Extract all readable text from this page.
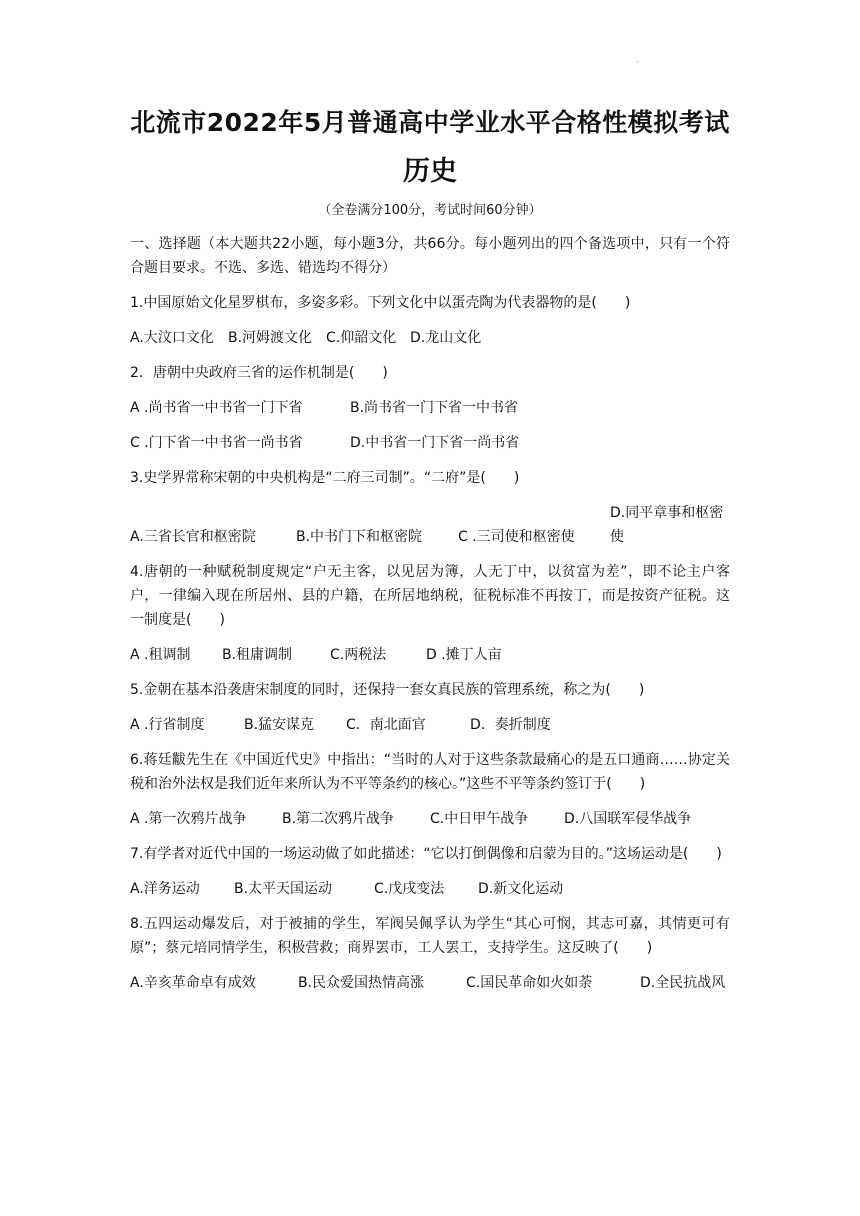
·
北流市2022年5月普通高中学业水平合格性模拟考试
历史
（全卷满分100分，考试时间60分钟）

一、选择题（本大题共22小题，每小题3分，共66分。每小题列出的四个备选项中，只有一个符合题目要求。不选、多选、错选均不得分）

1.中国原始文化星罗棋布，多姿多彩。下列文化中以蛋壳陶为代表器物的是(　　)

A.大汶口文化	B.河姆渡文化 C.仰韶文化 D.龙山文化

2．唐朝中央政府三省的运作机制是(　　)

A .尚书省一中书省一门下省	B.尚书省一门下省一中书省
C .门下省一中书省一尚书省	D.中书省一门下省一尚书省

3.史学界常称宋朝的中央机构是“二府三司制”。“二府”是(　　)

A.三省长官和枢密院	B.中书门下和枢密院	C .三司使和枢密使D.同平章事和枢密使

4.唐朝的一种赋税制度规定“户无主客，以见居为簿，人无丁中，以贫富为差”，即不论主户客户，一律编入现在所居州、县的户籍，在所居地纳税，征税标准不再按丁，而是按资产征税。这一制度是(　　)

A .租调制	B.租庸调制	C.两税法	D .摊丁人亩

5.金朝在基本沿袭唐宋制度的同时，还保持一套女真民族的管理系统，称之为(　　)

A .行省制度	B.猛安谋克	C．南北面官	D．奏折制度

6.蒋廷黻先生在《中国近代史》中指出：“当时的人对于这些条款最痛心的是五口通商……协定关税和治外法权是我们近年来所认为不平等条约的核心。”这些不平等条约签订于(　　)

A .第一次鸦片战争	B.第二次鸦片战争	C.中日甲午战争	D.八国联军侵华战争

7.有学者对近代中国的一场运动做了如此描述：“它以打倒偶像和启蒙为目的。”这场运动是(　　)

A.洋务运动	B.太平天国运动	C.戊戌变法	D.新文化运动

8.五四运动爆发后，对于被捕的学生，军阀吴佩孚认为学生“其心可悯，其志可嘉，其情更可有原”；蔡元培同情学生，积极营救；商界罢市，工人罢工，支持学生。这反映了(　　)

A.辛亥革命卓有成效	B.民众爱国热情高涨	C.国民革命如火如荼	D.全民抗战风
